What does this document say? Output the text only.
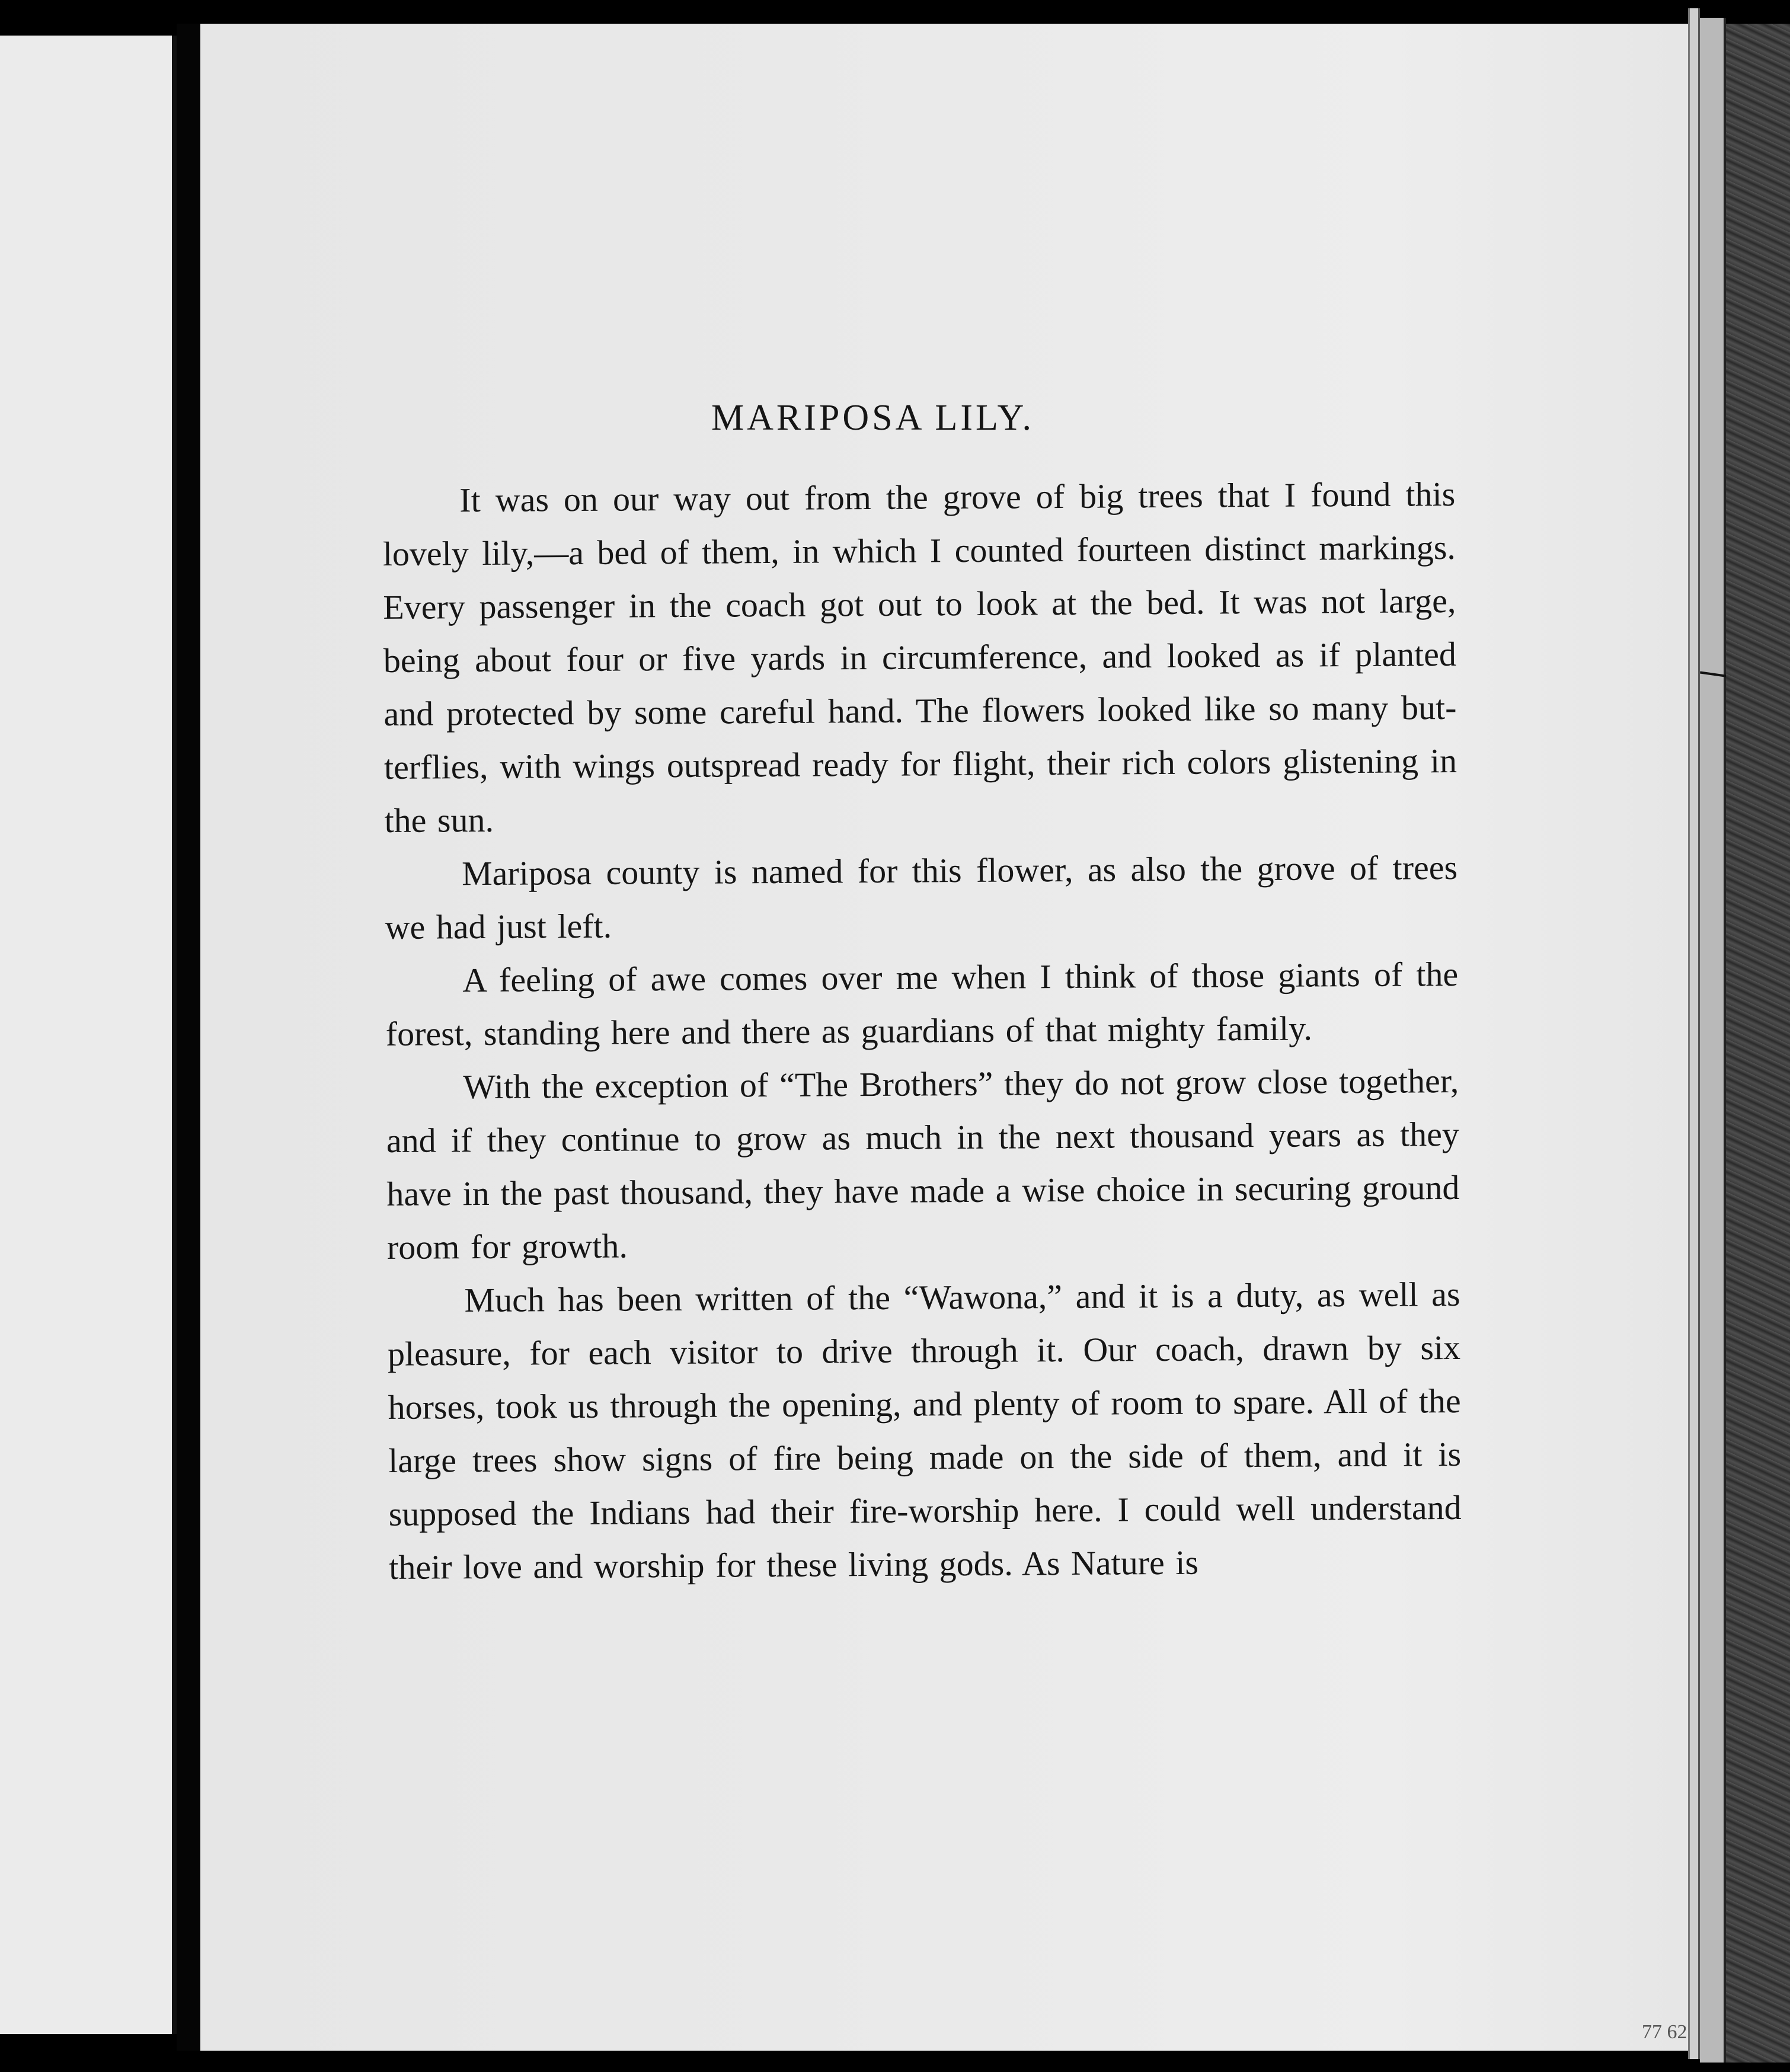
MARIPOSA LILY.

It was on our way out from the grove of big trees that I found this lovely lily,—a bed of them, in which I counted fourteen distinct markings. Every passenger in the coach got out to look at the bed. It was not large, being about four or five yards in circumference, and looked as if planted and protected by some careful hand. The flowers looked like so many butterflies, with wings outspread ready for flight, their rich colors glistening in the sun.

Mariposa county is named for this flower, as also the grove of trees we had just left.

A feeling of awe comes over me when I think of those giants of the forest, standing here and there as guardians of that mighty family.

With the exception of “The Brothers” they do not grow close together, and if they continue to grow as much in the next thousand years as they have in the past thousand, they have made a wise choice in securing ground room for growth.

Much has been written of the “Wawona,” and it is a duty, as well as pleasure, for each visitor to drive through it. Our coach, drawn by six horses, took us through the opening, and plenty of room to spare. All of the large trees show signs of fire being made on the side of them, and it is supposed the Indians had their fire-worship here. I could well understand their love and worship for these living gods. As Nature is

77 62
